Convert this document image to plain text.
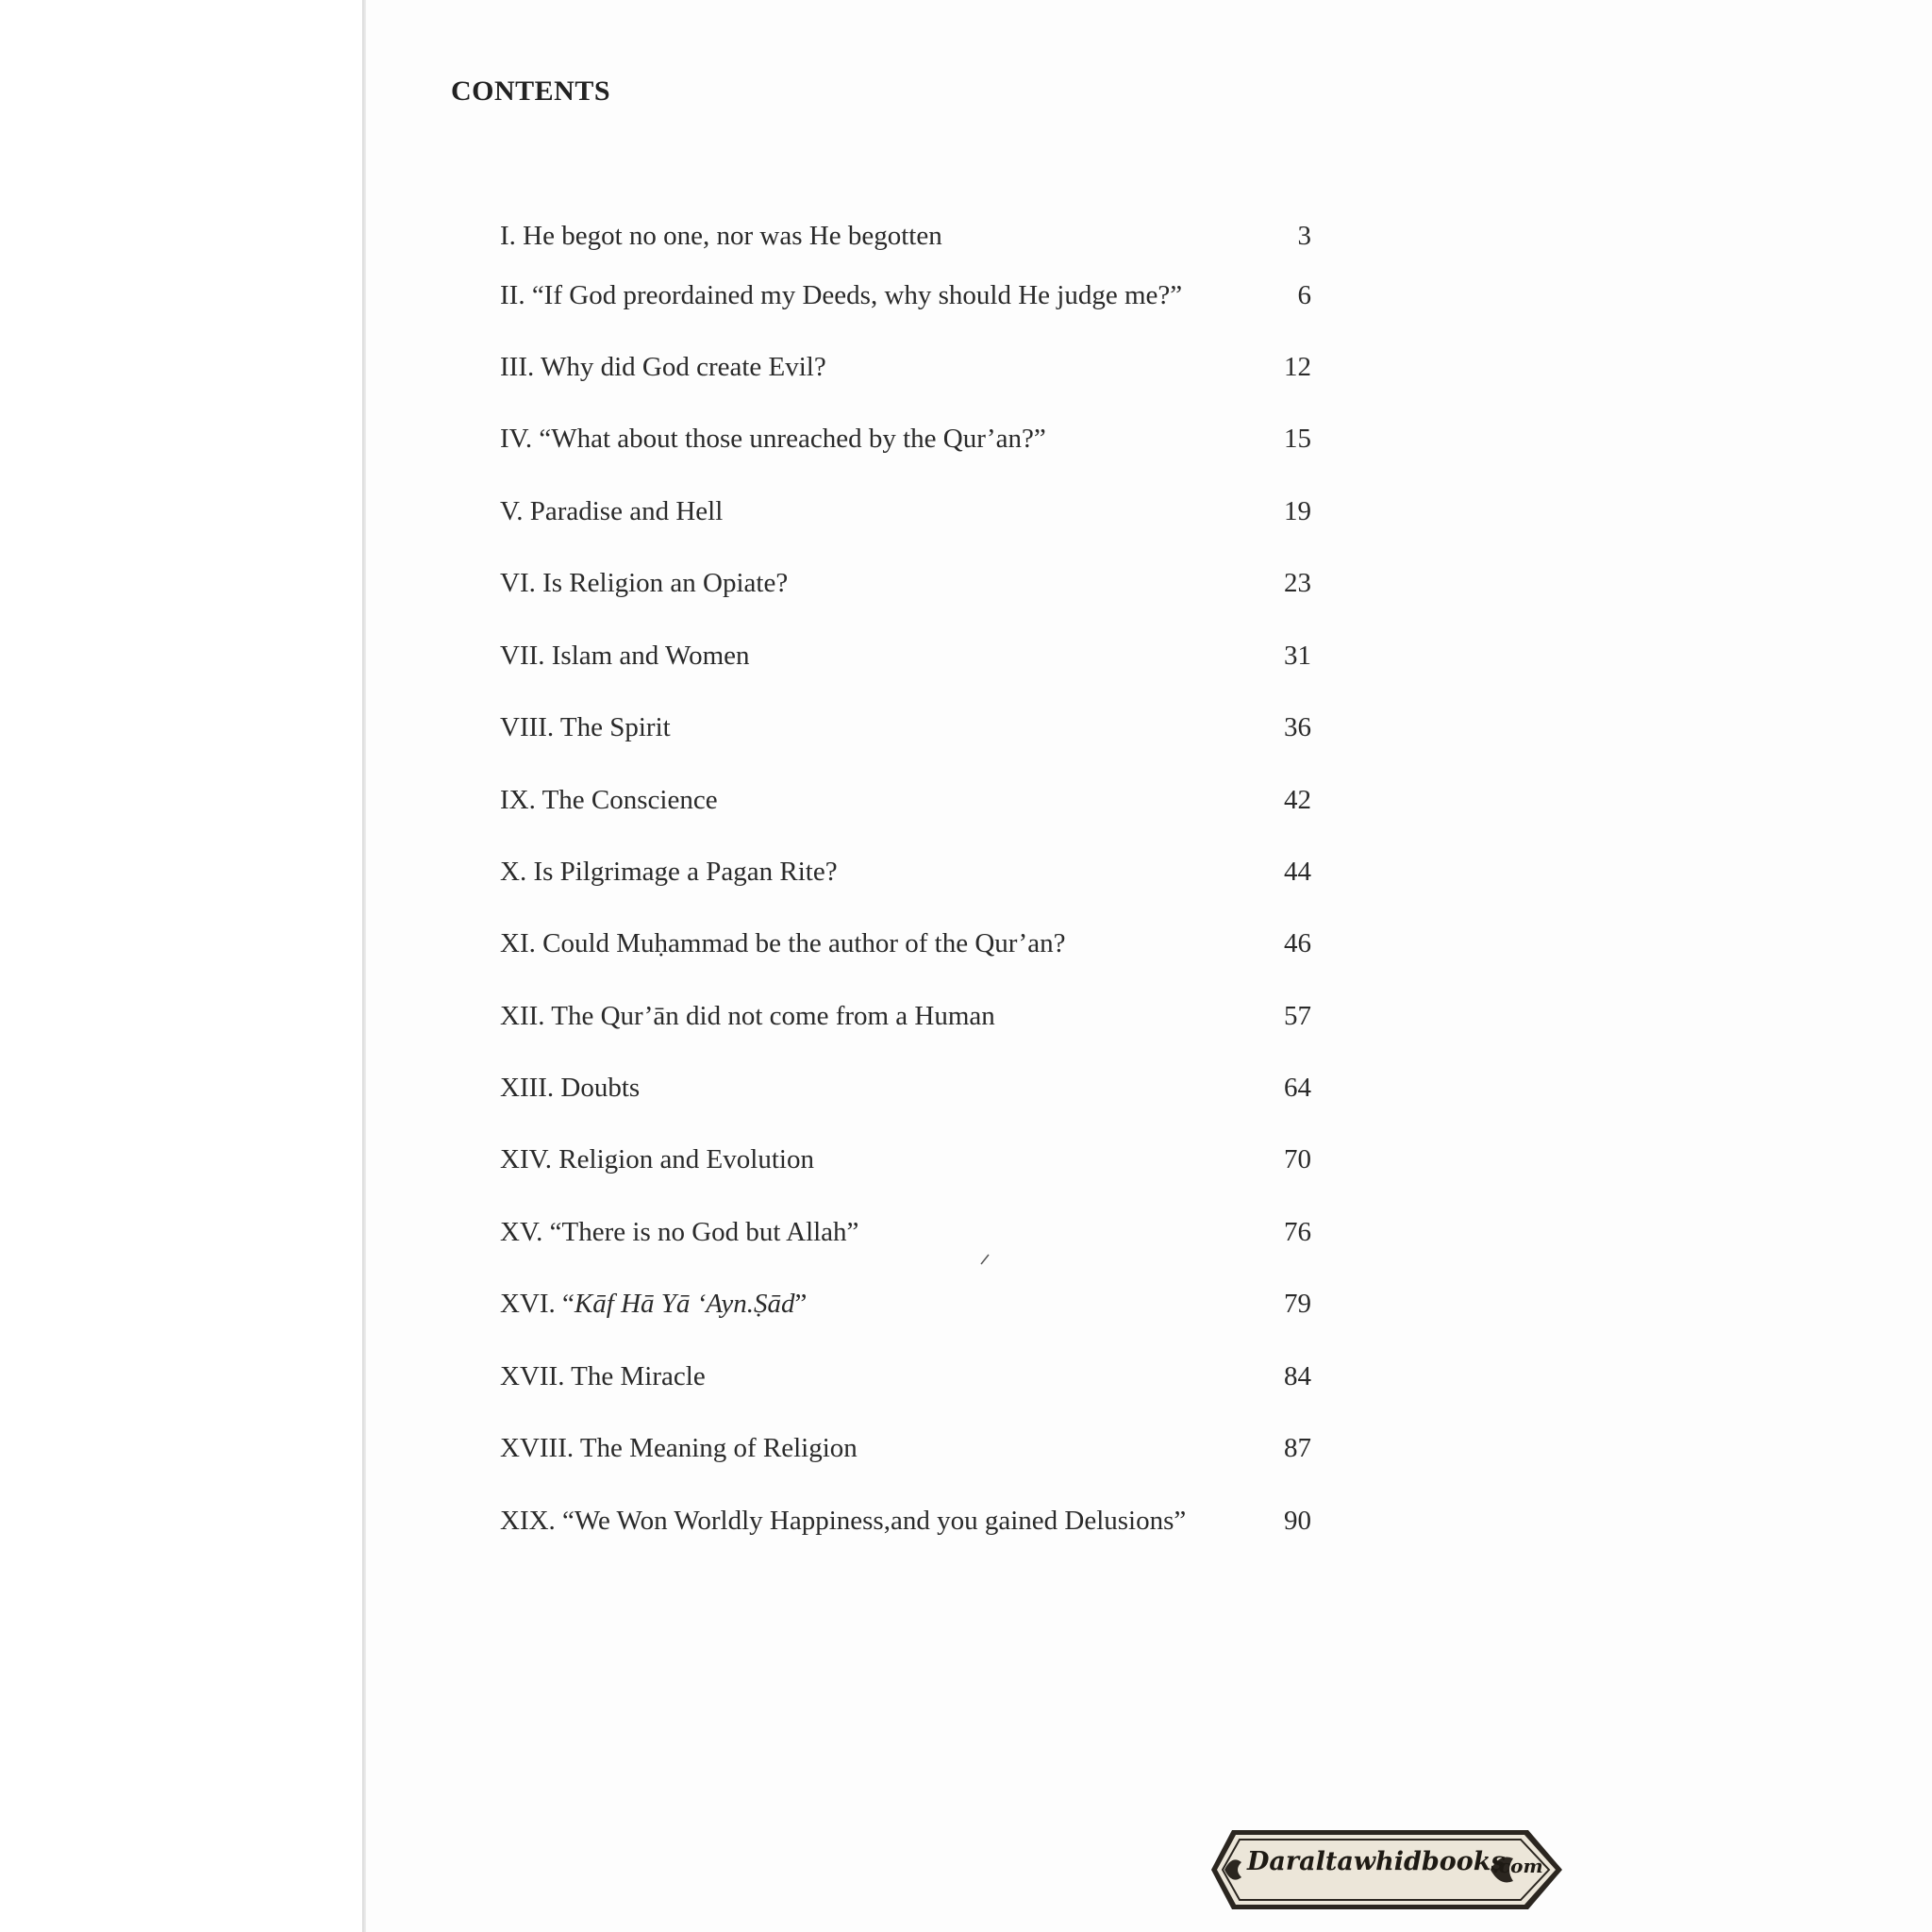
CONTENTS
I. He begot no one, nor was He begotten	3
II. “If God preordained my Deeds, why should He judge me?”	6
III. Why did God create Evil?	12
IV. “What about those unreached by the Qur’an?”	15
V. Paradise and Hell	19
VI. Is Religion an Opiate?	23
VII. Islam and Women	31
VIII. The Spirit	36
IX. The Conscience	42
X. Is Pilgrimage a Pagan Rite?	44
XI. Could Muḥammad be the author of the Qur’an?	46
XII. The Qur’ān did not come from a Human	57
XIII. Doubts	64
XIV. Religion and Evolution	70
XV. “There is no God but Allah”	76
XVI. “Kāf Hā Yā ‘Ayn.Ṣād”	79
XVII. The Miracle	84
XVIII. The Meaning of Religion	87
XIX. “We Won Worldly Happiness,and you gained Delusions”	90
Daraltawhidbooks
.com
